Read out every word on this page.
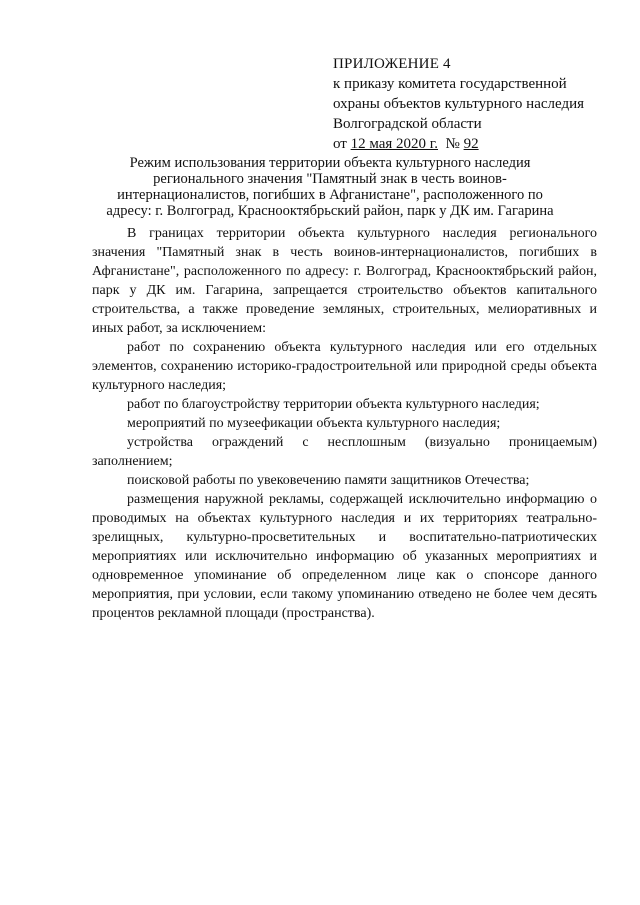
ПРИЛОЖЕНИЕ 4
к приказу комитета государственной
охраны объектов культурного наследия
Волгоградской области
от 12 мая 2020 г.  № 92
Режим использования территории объекта культурного наследия
регионального значения "Памятный знак в честь воинов-
интернационалистов, погибших в Афганистане", расположенного по
адресу: г. Волгоград, Краснооктябрьский район, парк у ДК им. Гагарина

В границах территории объекта культурного наследия регионального значения "Памятный знак в честь воинов-интернационалистов, погибших в Афганистане", расположенного по адресу: г. Волгоград, Краснооктябрьский район, парк у ДК им. Гагарина, запрещается строительство объектов капитального строительства, а также проведение земляных, строительных, мелиоративных и иных работ, за исключением:

работ по сохранению объекта культурного наследия или его отдельных элементов, сохранению историко-градостроительной или природной среды объекта культурного наследия;

работ по благоустройству территории объекта культурного наследия;

мероприятий по музеефикации объекта культурного наследия;

устройства ограждений с несплошным (визуально проницаемым) заполнением;

поисковой работы по увековечению памяти защитников Отечества;

размещения наружной рекламы, содержащей исключительно информацию о проводимых на объектах культурного наследия и их территориях театрально-зрелищных, культурно-просветительных и воспитательно-патриотических мероприятиях или исключительно информацию об указанных мероприятиях и одновременное упоминание об определенном лице как о спонсоре данного мероприятия, при условии, если такому упоминанию отведено не более чем десять процентов рекламной площади (пространства).
